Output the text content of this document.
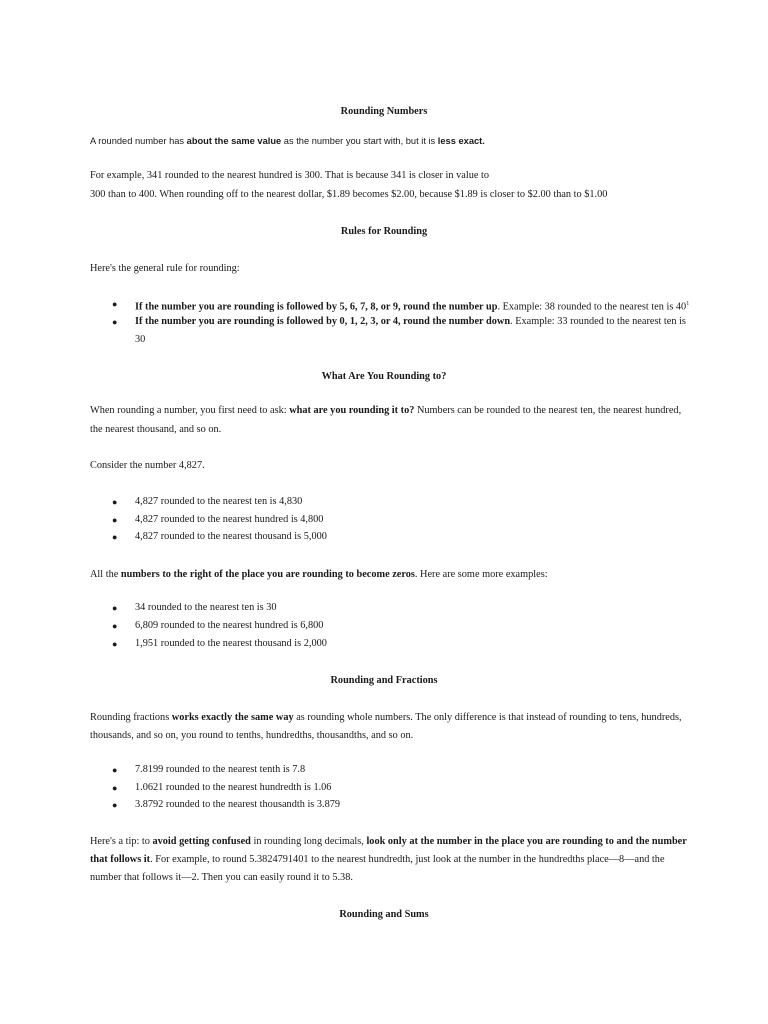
Rounding Numbers
A rounded number has about the same value as the number you start with, but it is less exact.
For example, 341 rounded to the nearest hundred is 300. That is because 341 is closer in value to
300 than to 400. When rounding off to the nearest dollar, $1.89 becomes $2.00, because $1.89 is closer to $2.00 than to $1.00
Rules for Rounding
Here's the general rule for rounding:
● If the number you are rounding is followed by 5, 6, 7, 8, or 9, round the number up. Example: 38 rounded to the nearest ten is $40^1$
● If the number you are rounding is followed by 0, 1, 2, 3, or 4, round the number down. Example: 33 rounded to the nearest ten is
30
What Are You Rounding to?
When rounding a number, you first need to ask: what are you rounding it to? Numbers can be rounded to the nearest ten, the nearest hundred,
the nearest thousand, and so on.
Consider the number 4,827.
● 4,827 rounded to the nearest ten is 4,830
● 4,827 rounded to the nearest hundred is 4,800
● 4,827 rounded to the nearest thousand is 5,000
All the numbers to the right of the place you are rounding to become zeros. Here are some more examples:
● 34 rounded to the nearest ten is 30
● 6,809 rounded to the nearest hundred is 6,800
● 1,951 rounded to the nearest thousand is 2,000
Rounding and Fractions
Rounding fractions works exactly the same way as rounding whole numbers. The only difference is that instead of rounding to tens, hundreds,
thousands, and so on, you round to tenths, hundredths, thousandths, and so on.
● 7.8199 rounded to the nearest tenth is 7.8
● 1.0621 rounded to the nearest hundredth is 1.06
● 3.8792 rounded to the nearest thousandth is 3.879
Here's a tip: to avoid getting confused in rounding long decimals, look only at the number in the place you are rounding to and the number
that follows it. For example, to round 5.3824791401 to the nearest hundredth, just look at the number in the hundredths place—8—and the
number that follows it—2. Then you can easily round it to 5.38.
Rounding and Sums
